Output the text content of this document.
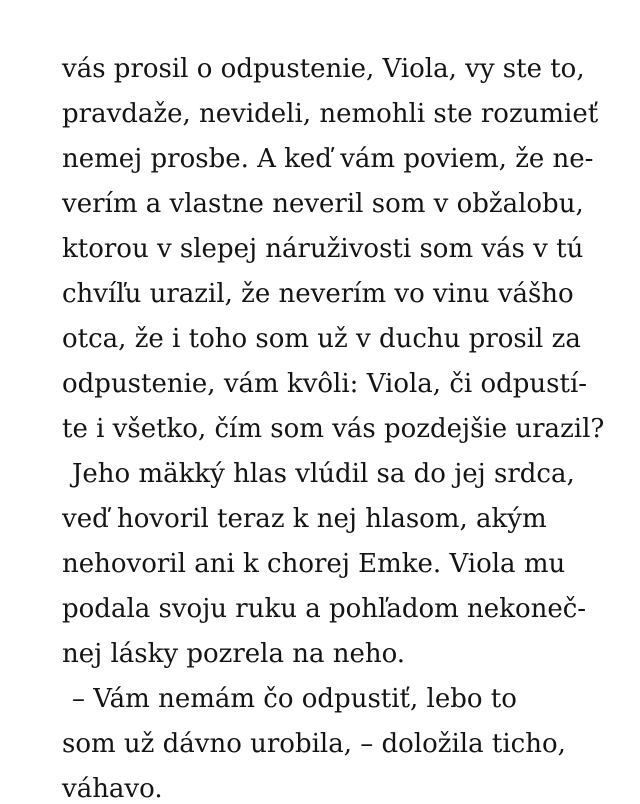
vás prosil o odpustenie, Viola, vy ste to,
pravdaže, nevideli, nemohli ste rozumieť
nemej prosbe. A keď vám poviem, že ne-
verím a vlastne neveril som v obžalobu,
ktorou v slepej náruživosti som vás v tú
chvíľu urazil, že neverím vo vinu vášho
otca, že i toho som už v duchu prosil za
odpustenie, vám kvôli: Viola, či odpustí-
te i všetko, čím som vás pozdejšie urazil?
Jeho mäkký hlas vlúdil sa do jej srdca,
veď hovoril teraz k nej hlasom, akým
nehovoril ani k chorej Emke. Viola mu
podala svoju ruku a pohľadom nekoneč-
nej lásky pozrela na neho.
– Vám nemám čo odpustiť, lebo to
som už dávno urobila, – doložila ticho,
váhavo.
